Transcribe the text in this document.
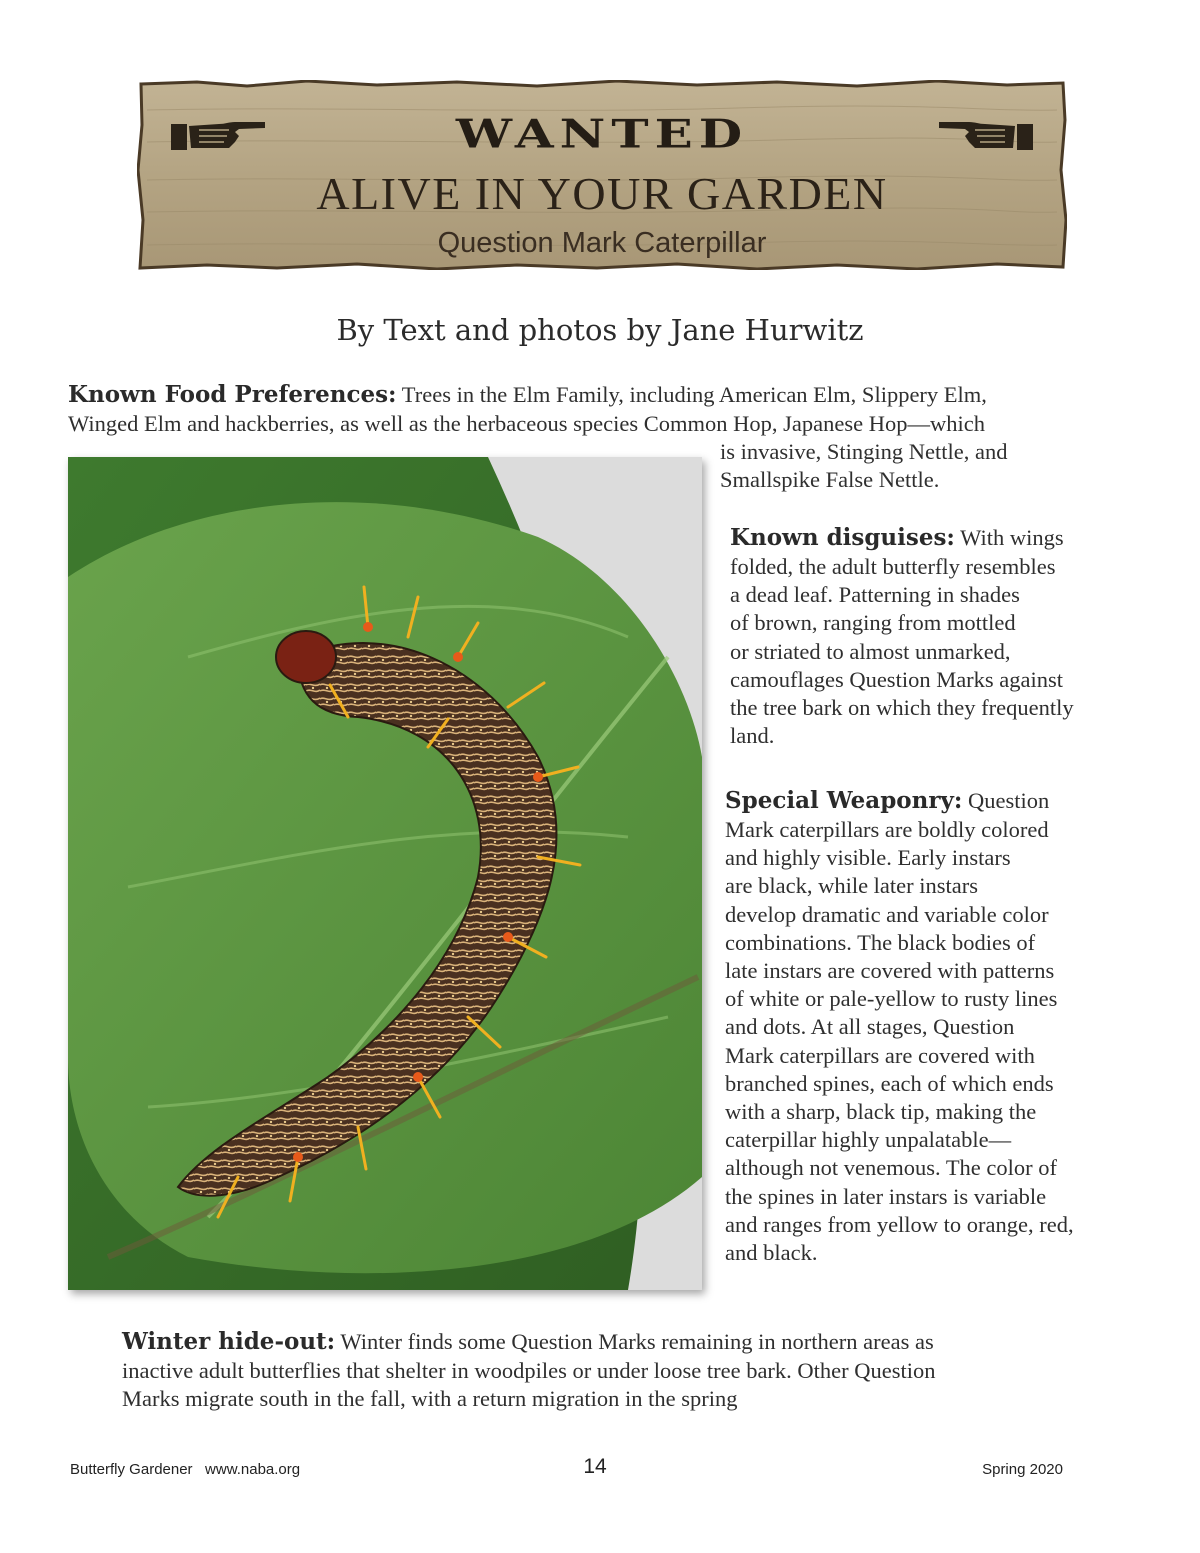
WANTED
ALIVE IN YOUR GARDEN
Question Mark Caterpillar
By Text and photos by Jane Hurwitz
Known Food Preferences: Trees in the Elm Family, including American Elm, Slippery Elm,
Winged Elm and hackberries, as well as the herbaceous species Common Hop, Japanese Hop—which
is invasive, Stinging Nettle, and
Smallspike False Nettle.
Known disguises: With wings
folded, the adult butterfly resembles
a dead leaf. Patterning in shades
of brown, ranging from mottled
or striated to almost unmarked,
camouflages Question Marks against
the tree bark on which they frequently
land.
Special Weaponry: Question
Mark caterpillars are boldly colored
and highly visible. Early instars
are black, while later instars
develop dramatic and variable color
combinations. The black bodies of
late instars are covered with patterns
of white or pale-yellow to rusty lines
and dots. At all stages, Question
Mark caterpillars are covered with
branched spines, each of which ends
with a sharp, black tip, making the
caterpillar highly unpalatable—
although not venemous. The color of
the spines in later instars is variable
and ranges from yellow to orange, red,
and black.
Winter hide-out: Winter finds some Question Marks remaining in northern areas as
inactive adult butterflies that shelter in woodpiles or under loose tree bark. Other Question
Marks migrate south in the fall, with a return migration in the spring
Butterfly Gardener   www.naba.org	14	Spring 2020
